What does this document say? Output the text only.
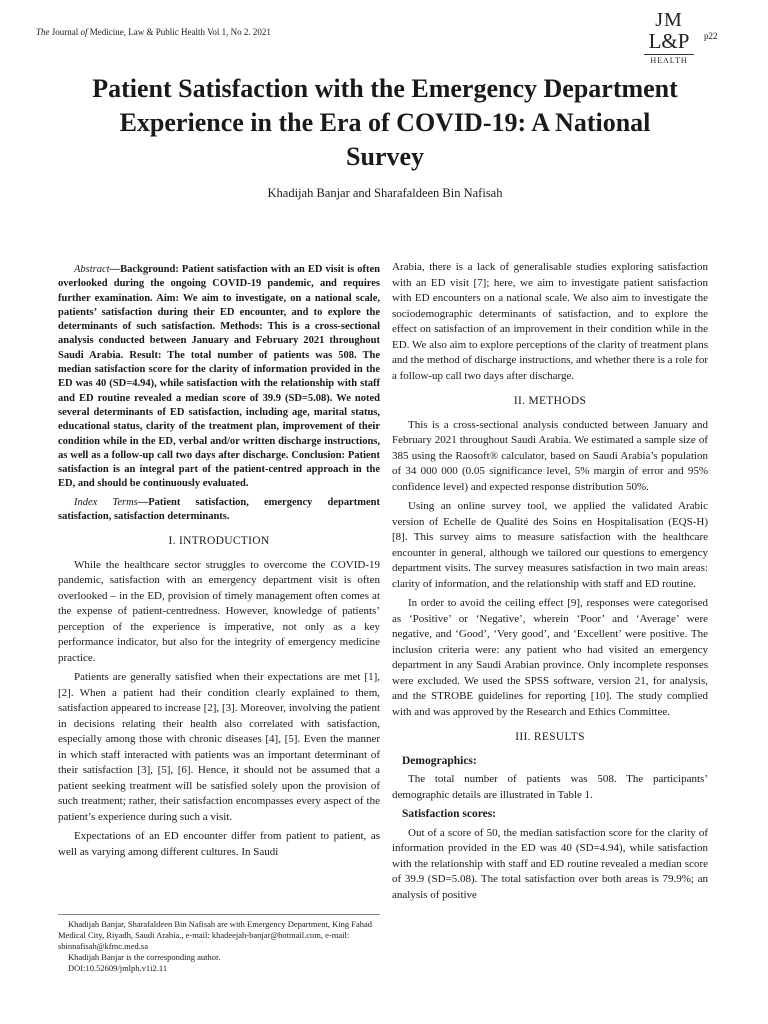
The Journal of Medicine, Law & Public Health Vol 1, No 2. 2021
JM
L&P
HEALTH
p22
Patient Satisfaction with the Emergency Department Experience in the Era of COVID-19: A National Survey
Khadijah Banjar and Sharafaldeen Bin Nafisah

Abstract—Background: Patient satisfaction with an ED visit is often overlooked during the ongoing COVID-19 pandemic, and requires further examination. Aim: We aim to investigate, on a national scale, patients’ satisfaction during their ED encounter, and to explore the determinants of such satisfaction. Methods: This is a cross-sectional analysis conducted between January and February 2021 throughout Saudi Arabia. Result: The total number of patients was 508. The median satisfaction score for the clarity of information provided in the ED was 40 (SD=4.94), while satisfaction with the relationship with staff and ED routine revealed a median score of 39.9 (SD=5.08). We noted several determinants of ED satisfaction, including age, marital status, educational status, clarity of the treatment plan, improvement of their condition while in the ED, verbal and/or written discharge instructions, as well as a follow-up call two days after discharge. Conclusion: Patient satisfaction is an integral part of the patient-centred approach in the ED, and should be continuously evaluated.

Index Terms—Patient satisfaction, emergency department satisfaction, satisfaction determinants.

I. INTRODUCTION

While the healthcare sector struggles to overcome the COVID-19 pandemic, satisfaction with an emergency department visit is often overlooked – in the ED, provision of timely management often comes at the expense of patient-centredness. However, knowledge of patients’ perception of the experience is imperative, not only as a key performance indicator, but also for the integrity of emergency medicine practice.

Patients are generally satisfied when their expectations are met [1], [2]. When a patient had their condition clearly explained to them, satisfaction appeared to increase [2], [3]. Moreover, involving the patient in decisions relating their health also correlated with satisfaction, especially among those with chronic diseases [4], [5]. Even the manner in which staff interacted with patients was an important determinant of their satisfaction [3], [5], [6]. Hence, it should not be assumed that a patient seeking treatment will be satisfied solely upon the provision of such treatment; rather, their satisfaction encompasses every aspect of the patient’s experience during such a visit.

Expectations of an ED encounter differ from patient to patient, as well as varying among different cultures. In Saudi

Khadijah Banjar, Sharafaldeen Bin Nafisah are with Emergency Department, King Fahad Medical City, Riyadh, Saudi Arabia., e-mail: khadeejah-banjar@hotmail.com, e-mail: sbinnafisah@kfmc.med.sa
Khadijah Banjar is the corresponding author.
DOI:10.52609/jmlph.v1i2.11

Arabia, there is a lack of generalisable studies exploring satisfaction with an ED visit [7]; here, we aim to investigate patient satisfaction with ED encounters on a national scale. We also aim to investigate the sociodemographic determinants of satisfaction, and to explore the effect on satisfaction of an improvement in their condition while in the ED. We also aim to explore perceptions of the clarity of treatment plans and the method of discharge instructions, and whether there is a role for a follow-up call two days after discharge.

II. METHODS

This is a cross-sectional analysis conducted between January and February 2021 throughout Saudi Arabia. We estimated a sample size of 385 using the Raosoft® calculator, based on Saudi Arabia’s population of 34 000 000 (0.05 significance level, 5% margin of error and 95% confidence level) and expected response distribution 50%.

Using an online survey tool, we applied the validated Arabic version of Echelle de Qualité des Soins en Hospitalisation (EQS-H) [8]. This survey aims to measure satisfaction with the healthcare encounter in general, although we tailored our questions to emergency department visits. The survey measures satisfaction in two main areas: clarity of information, and the relationship with staff and ED routine.

In order to avoid the ceiling effect [9], responses were categorised as ‘Positive’ or ‘Negative’, wherein ‘Poor’ and ‘Average’ were negative, and ‘Good’, ‘Very good’, and ‘Excellent’ were positive. The inclusion criteria were: any patient who had visited an emergency department in any Saudi Arabian province. Only incomplete responses were excluded. We used the SPSS software, version 21, for analysis, and the STROBE guidelines for reporting [10]. The study complied with and was approved by the Research and Ethics Committee.

III. RESULTS
Demographics:

The total number of patients was 508. The participants’ demographic details are illustrated in Table 1.

Satisfaction scores:

Out of a score of 50, the median satisfaction score for the clarity of information provided in the ED was 40 (SD=4.94), while satisfaction with the relationship with staff and ED routine revealed a median score of 39.9 (SD=5.08). The total satisfaction over both areas is 79.9%; an analysis of positive
